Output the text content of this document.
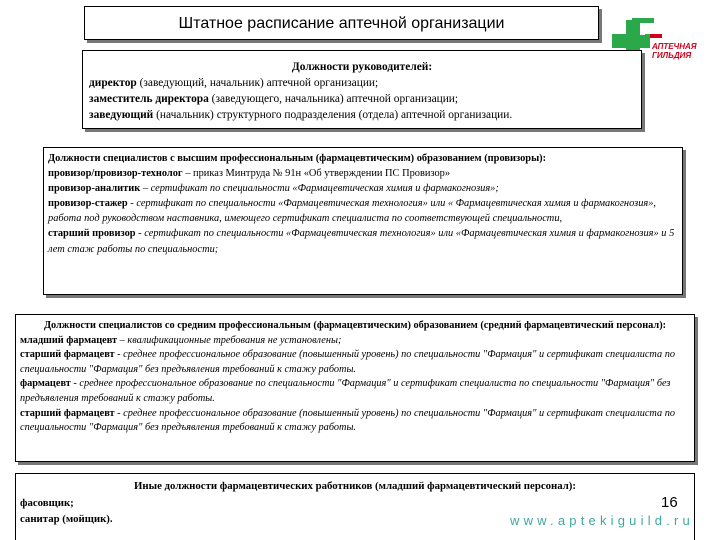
Штатное расписание аптечной организации
АПТЕЧНАЯ
ГИЛЬДИЯ
Должности руководителей:
директор (заведующий, начальник) аптечной организации;
заместитель директора (заведующего, начальника) аптечной организации;
заведующий (начальник) структурного подразделения (отдела) аптечной организации.
Должности специалистов с высшим профессиональным (фармацевтическим) образованием (провизоры):
провизор/провизор-технолог – приказ Минтруда № 91н «Об утверждении ПС Провизор»
провизор-аналитик – сертификат по специальности «Фармацевтическая химия и фармакогнозия»;
провизор-стажер - сертификат по специальности «Фармацевтическая технология» или « Фармацевтическая химия и фармакогнозия», работа под руководством наставника, имеющего сертификат специалиста по соответствующей специальности,
старший провизор - сертификат по специальности «Фармацевтическая технология» или «Фармацевтическая химия и фармакогнозия» и 5 лет стаж работы по специальности;
Должности специалистов со средним профессиональным (фармацевтическим) образованием (средний фармацевтический персонал):
младший фармацевт – квалификационные требования не установлены;
старший фармацевт - среднее профессиональное образование (повышенный уровень) по специальности "Фармация" и сертификат специалиста по специальности "Фармация" без предъявления требований к стажу работы.
фармацевт - среднее профессиональное образование по специальности "Фармация" и сертификат специалиста по специальности "Фармация" без предъявления требований к стажу работы.
старший фармацевт - среднее профессиональное образование (повышенный уровень) по специальности "Фармация" и сертификат специалиста по специальности "Фармация" без предъявления требований к стажу работы.
Иные должности фармацевтических работников (младший фармацевтический персонал):
фасовщик;
санитар (мойщик).
16
www.aptekiguild.ru
